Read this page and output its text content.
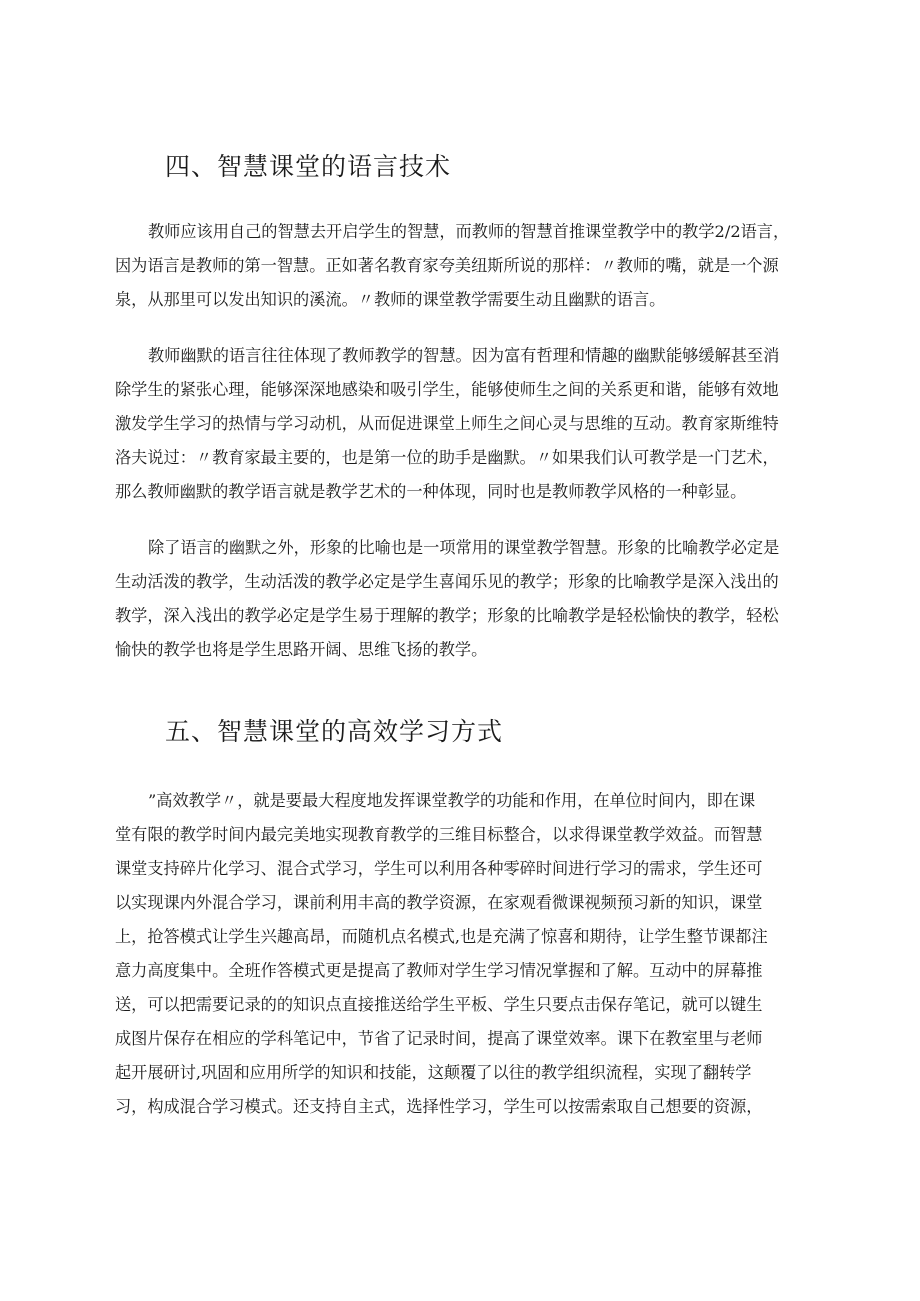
四、智慧课堂的语言技术

教师应该用自己的智慧去开启学生的智慧，而教师的智慧首推课堂教学中的教学2/2语言，
因为语言是教师的第一智慧。正如著名教育家夸美纽斯所说的那样：〃教师的嘴，就是一个源
泉，从那里可以发出知识的溪流。〃教师的课堂教学需要生动且幽默的语言。

教师幽默的语言往往体现了教师教学的智慧。因为富有哲理和情趣的幽默能够缓解甚至消
除学生的紧张心理，能够深深地感染和吸引学生，能够使师生之间的关系更和谐，能够有效地
激发学生学习的热情与学习动机，从而促进课堂上师生之间心灵与思维的互动。教育家斯维特
洛夫说过：〃教育家最主要的，也是第一位的助手是幽默。〃如果我们认可教学是一门艺术，
那么教师幽默的教学语言就是教学艺术的一种体现，同时也是教师教学风格的一种彰显。

除了语言的幽默之外，形象的比喻也是一项常用的课堂教学智慧。形象的比喻教学必定是
生动活泼的教学，生动活泼的教学必定是学生喜闻乐见的教学；形象的比喻教学是深入浅出的
教学，深入浅出的教学必定是学生易于理解的教学；形象的比喻教学是轻松愉快的教学，轻松
愉快的教学也将是学生思路开阔、思维飞扬的教学。

五、智慧课堂的高效学习方式

”高效教学〃，就是要最大程度地发挥课堂教学的功能和作用，在单位时间内，即在课
堂有限的教学时间内最完美地实现教育教学的三维目标整合，以求得课堂教学效益。而智慧
课堂支持碎片化学习、混合式学习，学生可以利用各种零碎时间进行学习的需求，学生还可
以实现课内外混合学习，课前利用丰高的教学资源，在家观看微课视频预习新的知识，课堂
上，抢答模式让学生兴趣高昂，而随机点名模式,也是充满了惊喜和期待，让学生整节课都注
意力高度集中。全班作答模式更是提高了教师对学生学习情况掌握和了解。互动中的屏幕推
送，可以把需要记录的的知识点直接推送给学生平板、学生只要点击保存笔记，就可以键生
成图片保存在相应的学科笔记中，节省了记录时间，提高了课堂效率。课下在教室里与老师
起开展研讨,巩固和应用所学的知识和技能，这颠覆了以往的教学组织流程，实现了翻转学
习，构成混合学习模式。还支持自主式，选择性学习，学生可以按需索取自己想要的资源，
